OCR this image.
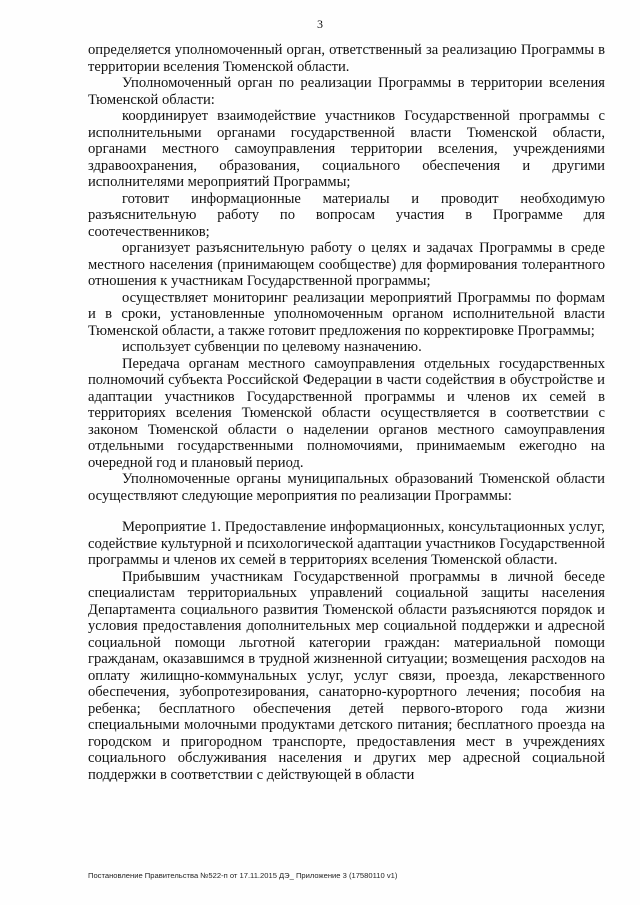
3

определяется уполномоченный орган, ответственный за реализацию Программы в территории вселения Тюменской области.

Уполномоченный орган по реализации Программы в территории вселения Тюменской области:

координирует взаимодействие участников Государственной программы с исполнительными органами государственной власти Тюменской области, органами местного самоуправления территории вселения, учреждениями здравоохранения, образования, социального обеспечения и другими исполнителями мероприятий Программы;

готовит информационные материалы и проводит необходимую разъяснительную работу по вопросам участия в Программе для соотечественников;

организует разъяснительную работу о целях и задачах Программы в среде местного населения (принимающем сообществе) для формирования толерантного отношения к участникам Государственной программы;

осуществляет мониторинг реализации мероприятий Программы по формам и в сроки, установленные уполномоченным органом исполнительной власти Тюменской области, а также готовит предложения по корректировке Программы;

использует субвенции по целевому назначению.

Передача органам местного самоуправления отдельных государственных полномочий субъекта Российской Федерации в части содействия в обустройстве и адаптации участников Государственной программы и членов их семей в территориях вселения Тюменской области осуществляется в соответствии с законом Тюменской области о наделении органов местного самоуправления отдельными государственными полномочиями, принимаемым ежегодно на очередной год и плановый период.

Уполномоченные органы муниципальных образований Тюменской области осуществляют следующие мероприятия по реализации Программы:

Мероприятие 1. Предоставление информационных, консультационных услуг, содействие культурной и психологической адаптации участников Государственной программы и членов их семей в территориях вселения Тюменской области.

Прибывшим участникам Государственной программы в личной беседе специалистам территориальных управлений социальной защиты населения Департамента социального развития Тюменской области разъясняются порядок и условия предоставления дополнительных мер социальной поддержки и адресной социальной помощи льготной категории граждан: материальной помощи гражданам, оказавшимся в трудной жизненной ситуации; возмещения расходов на оплату жилищно-коммунальных услуг, услуг связи, проезда, лекарственного обеспечения, зубопротезирования, санаторно-курортного лечения; пособия на ребенка; бесплатного обеспечения детей первого-второго года жизни специальными молочными продуктами детского питания; бесплатного проезда на городском и пригородном транспорте, предоставления мест в учреждениях социального обслуживания населения и других мер адресной социальной поддержки в соответствии с действующей в области

Постановление Правительства №522-п от 17.11.2015 ДЭ_ Приложение 3 (17580110 v1)
